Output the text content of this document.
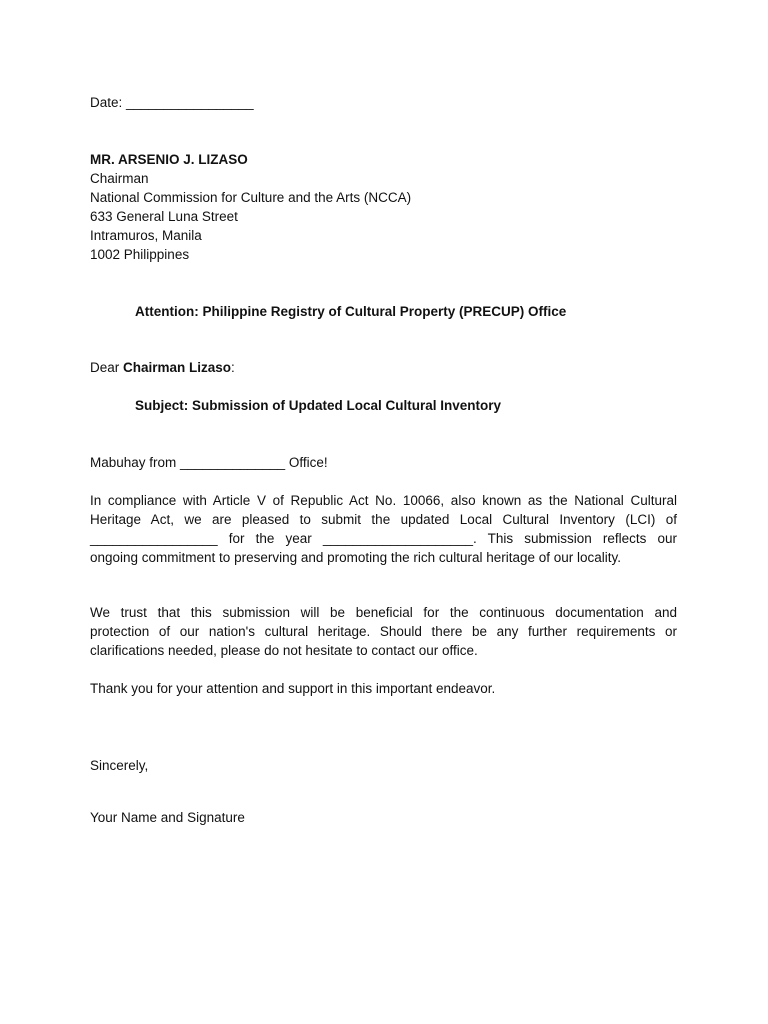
Date: _________________
MR. ARSENIO J. LIZASO
Chairman
National Commission for Culture and the Arts (NCCA)
633 General Luna Street
Intramuros, Manila
1002 Philippines
Attention: Philippine Registry of Cultural Property (PRECUP) Office
Dear Chairman Lizaso:
Subject: Submission of Updated Local Cultural Inventory
Mabuhay from ______________ Office!
In compliance with Article V of Republic Act No. 10066, also known as the National Cultural
Heritage Act, we are pleased to submit the updated Local Cultural Inventory (LCI) of
_________________ for the year ____________________. This submission reflects our
ongoing commitment to preserving and promoting the rich cultural heritage of our locality.
We trust that this submission will be beneficial for the continuous documentation and
protection of our nation's cultural heritage. Should there be any further requirements or
clarifications needed, please do not hesitate to contact our office.
Thank you for your attention and support in this important endeavor.
Sincerely,
Your Name and Signature
